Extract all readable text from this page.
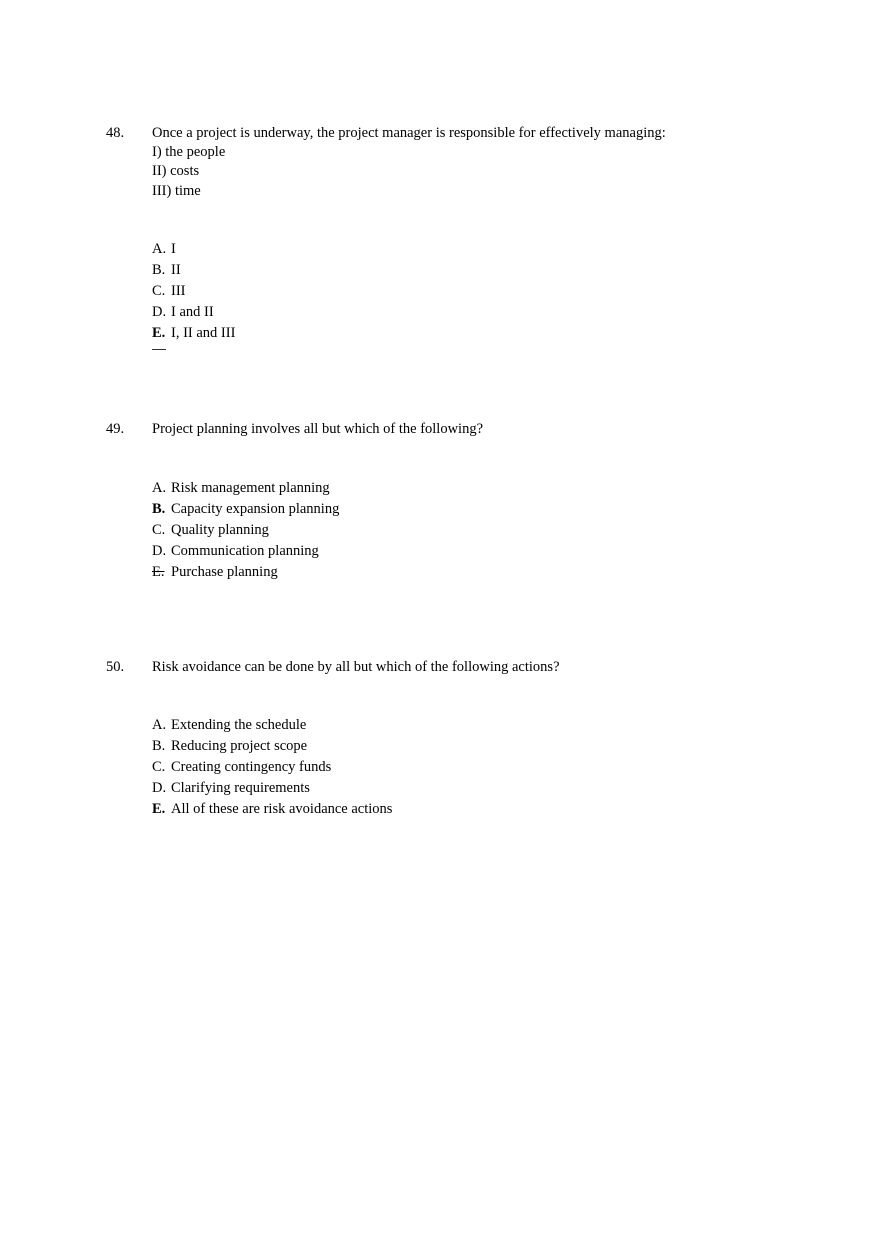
48. Once a project is underway, the project manager is responsible for effectively managing:
I) the people
II) costs
III) time
A. I
B. II
C. III
D. I and II
E. I, II and III
49. Project planning involves all but which of the following?
A. Risk management planning
B. Capacity expansion planning
C. Quality planning
D. Communication planning
E. Purchase planning
50. Risk avoidance can be done by all but which of the following actions?
A. Extending the schedule
B. Reducing project scope
C. Creating contingency funds
D. Clarifying requirements
E. All of these are risk avoidance actions
